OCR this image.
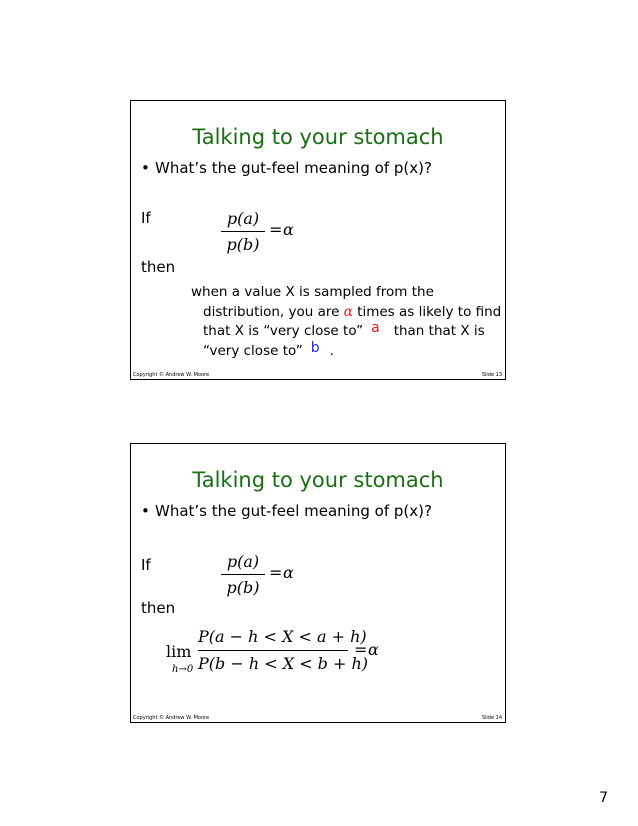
Talking to your stomach
• What’s the gut-feel meaning of p(x)?
If	p(a)
p(b)
= α
then
when a value X is sampled from the
distribution, you are α times as likely to find
that X is “very close to” a than that X is
“very close to” b .
Copyright © Andrew W. Moore	Slide 13
Talking to your stomach
• What’s the gut-feel meaning of p(x)?
If	p(a)
p(b)
= α
then
lim
h→0
P(a − h < X < a + h)
P(b − h < X < b + h)
= α
Copyright © Andrew W. Moore	Slide 14
7
